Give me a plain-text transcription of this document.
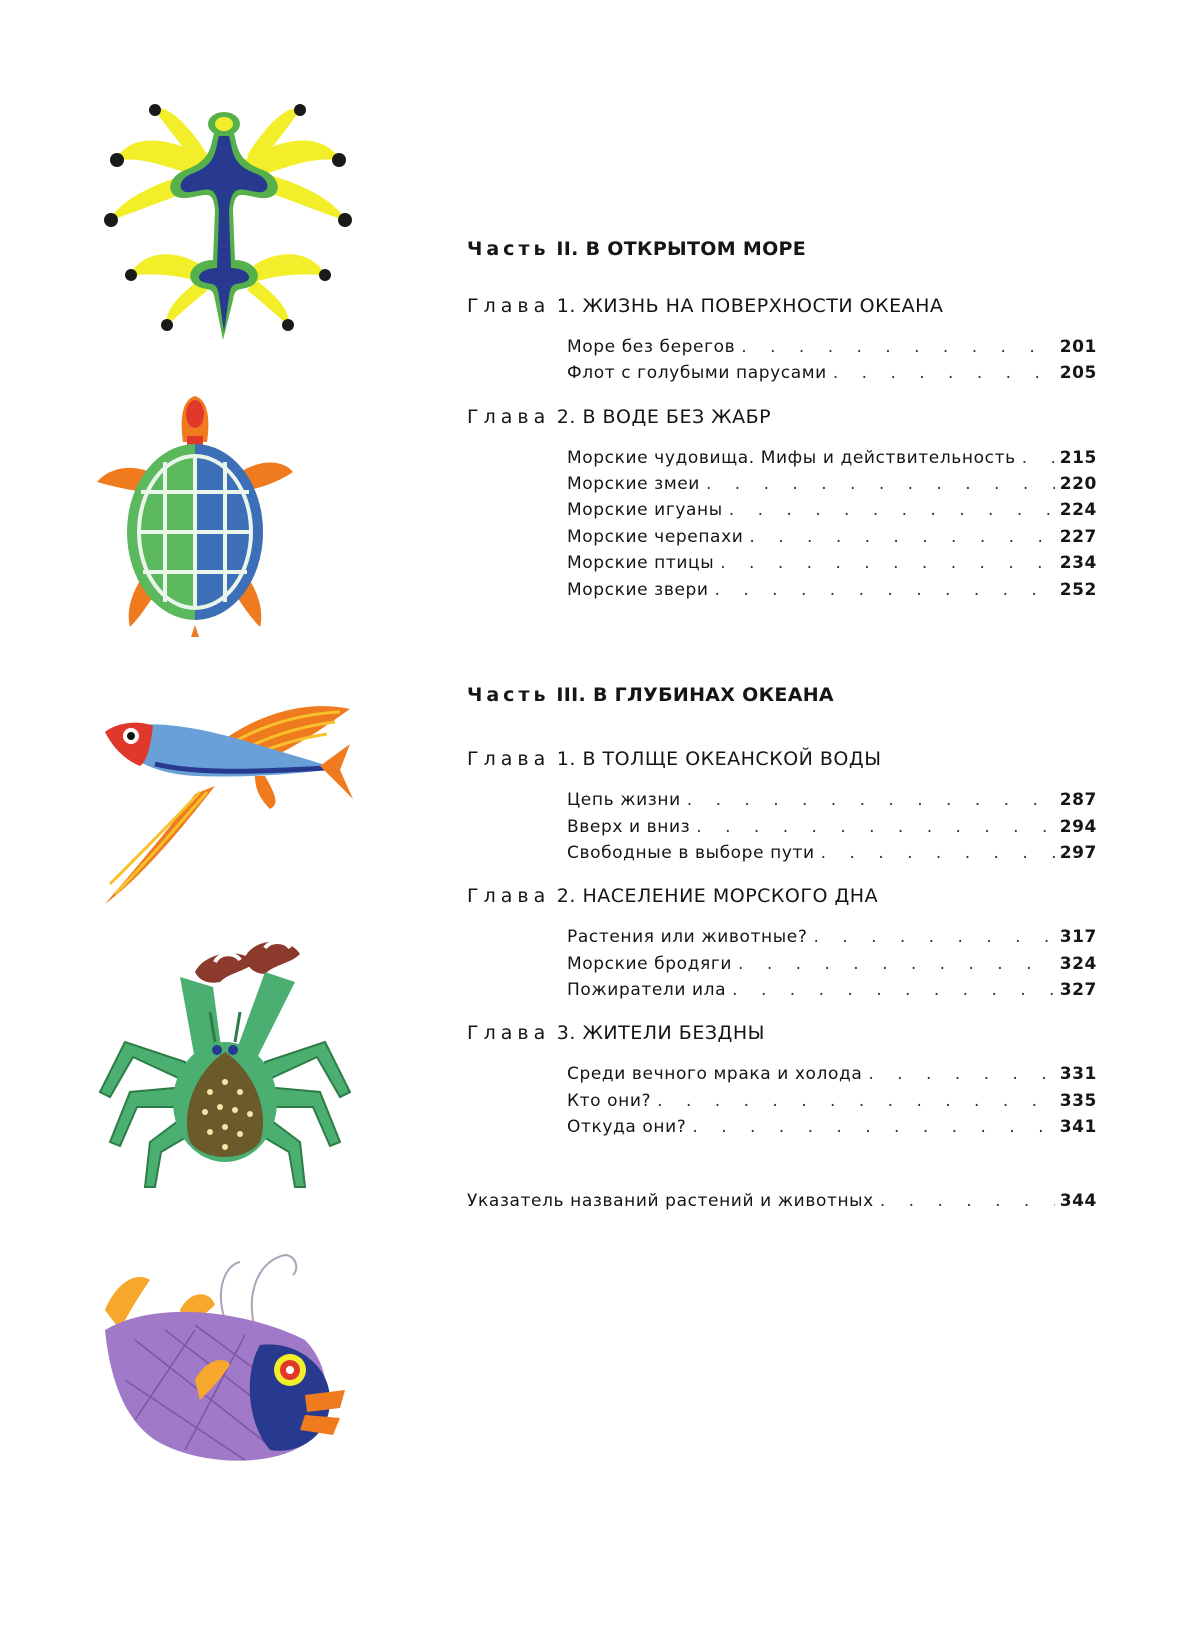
Часть II. В ОТКРЫТОМ МОРЕ
Глава 1. ЖИЗНЬ НА ПОВЕРХНОСТИ ОКЕАНА
Море без берегов . . .	201
Флот с голубыми парусами . . .	205
Глава 2. В ВОДЕ БЕЗ ЖАБР
Морские чудовища. Мифы и действительность . . .	215
Морские змеи . . .	220
Морские игуаны . . .	224
Морские черепахи . . .	227
Морские птицы . . .	234
Морские звери . . .	252
Часть III. В ГЛУБИНАХ ОКЕАНА
Глава 1. В ТОЛЩЕ ОКЕАНСКОЙ ВОДЫ
Цепь жизни . . .	287
Вверх и вниз . . .	294
Свободные в выборе пути . . .	297
Глава 2. НАСЕЛЕНИЕ МОРСКОГО ДНА
Растения или животные? . . .	317
Морские бродяги . . .	324
Пожиратели ила . . .	327
Глава 3. ЖИТЕЛИ БЕЗДНЫ
Среди вечного мрака и холода . . .	331
Кто они? . . .	335
Откуда они? . . .	341
Указатель названий растений и животных . . .	344
